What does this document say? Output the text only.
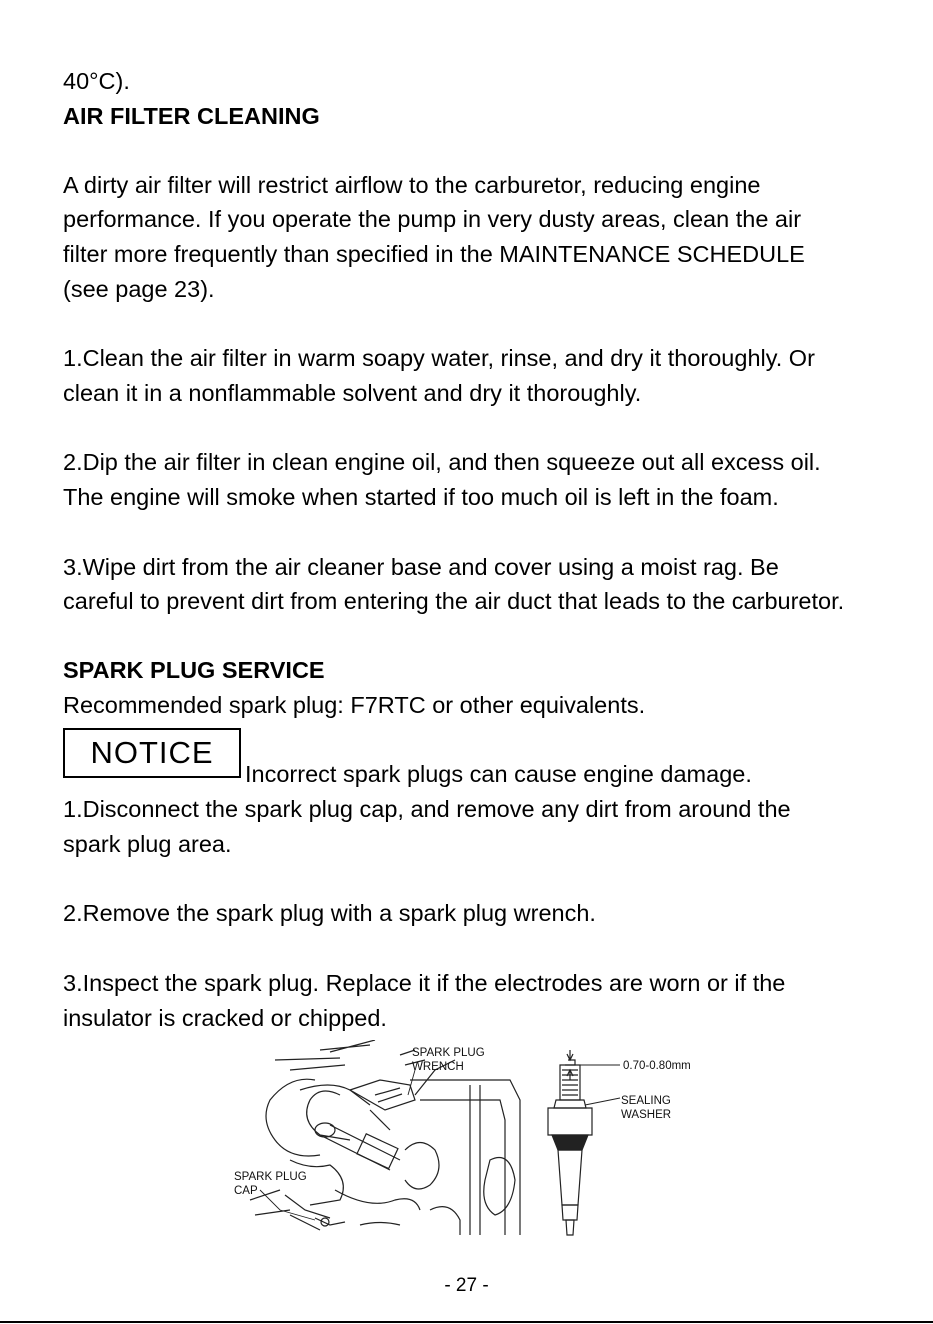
40°C).

AIR FILTER CLEANING

A dirty air filter will restrict airflow to the carburetor, reducing engine

performance. If you operate the pump in very dusty areas, clean the air

filter more frequently than specified in the MAINTENANCE SCHEDULE

(see page 23).

1.Clean the air filter in warm soapy water, rinse, and dry it thoroughly. Or

clean it in a nonflammable solvent and dry it thoroughly.

2.Dip the air filter in clean engine oil, and then squeeze out all excess oil.

The engine will smoke when started if too much oil is left in the foam.

3.Wipe dirt from the air cleaner base and cover using a moist rag. Be

careful to prevent dirt from entering the air duct that leads to the carburetor.

SPARK PLUG SERVICE

Recommended spark plug: F7RTC or other equivalents.

NOTICE
Incorrect spark plugs can cause engine damage.

1.Disconnect the spark plug cap, and remove any dirt from around the

spark plug area.

2.Remove the spark plug with a spark plug wrench.

3.Inspect the spark plug. Replace it if the electrodes are worn or if the

insulator is cracked or chipped.

SPARK PLUG
WRENCH
SPARK PLUG
CAP
0.70-0.80mm
SEALING
WASHER
- 27 -
